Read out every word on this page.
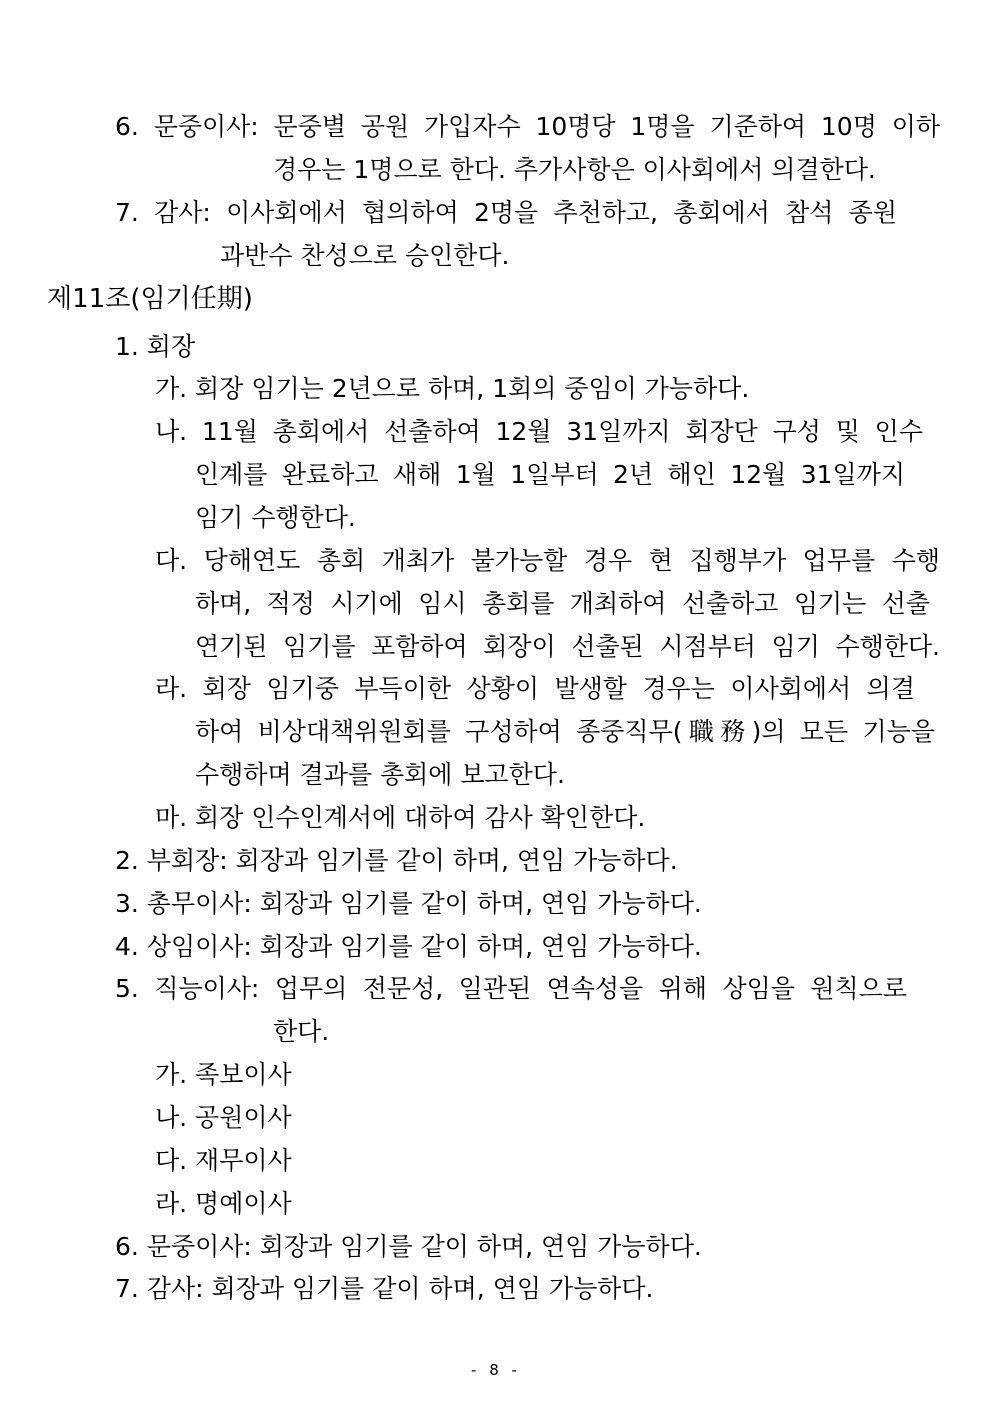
6. 문중이사: 문중별 공원 가입자수 10명당 1명을 기준하여 10명 이하
경우는 1명으로 한다. 추가사항은 이사회에서 의결한다.
7. 감사: 이사회에서 협의하여 2명을 추천하고, 총회에서 참석 종원
과반수 찬성으로 승인한다.
제11조(임기任期)
1. 회장
가. 회장 임기는 2년으로 하며, 1회의 중임이 가능하다.
나. 11월 총회에서 선출하여 12월 31일까지 회장단 구성 및 인수
인계를 완료하고 새해 1월 1일부터 2년 해인 12월 31일까지
임기 수행한다.
다. 당해연도 총회 개최가 불가능할 경우 현 집행부가 업무를 수행
하며, 적정 시기에 임시 총회를 개최하여 선출하고 임기는 선출
연기된 임기를 포함하여 회장이 선출된 시점부터 임기 수행한다.
라. 회장 임기중 부득이한 상황이 발생할 경우는 이사회에서 의결
하여 비상대책위원회를 구성하여 종중직무(職務)의 모든 기능을
수행하며 결과를 총회에 보고한다.
마. 회장 인수인계서에 대하여 감사 확인한다.
2. 부회장: 회장과 임기를 같이 하며, 연임 가능하다.
3. 총무이사: 회장과 임기를 같이 하며, 연임 가능하다.
4. 상임이사: 회장과 임기를 같이 하며, 연임 가능하다.
5. 직능이사: 업무의 전문성, 일관된 연속성을 위해 상임을 원칙으로
한다.
가. 족보이사
나. 공원이사
다. 재무이사
라. 명예이사
6. 문중이사: 회장과 임기를 같이 하며, 연임 가능하다.
7. 감사: 회장과 임기를 같이 하며, 연임 가능하다.
- 8 -
